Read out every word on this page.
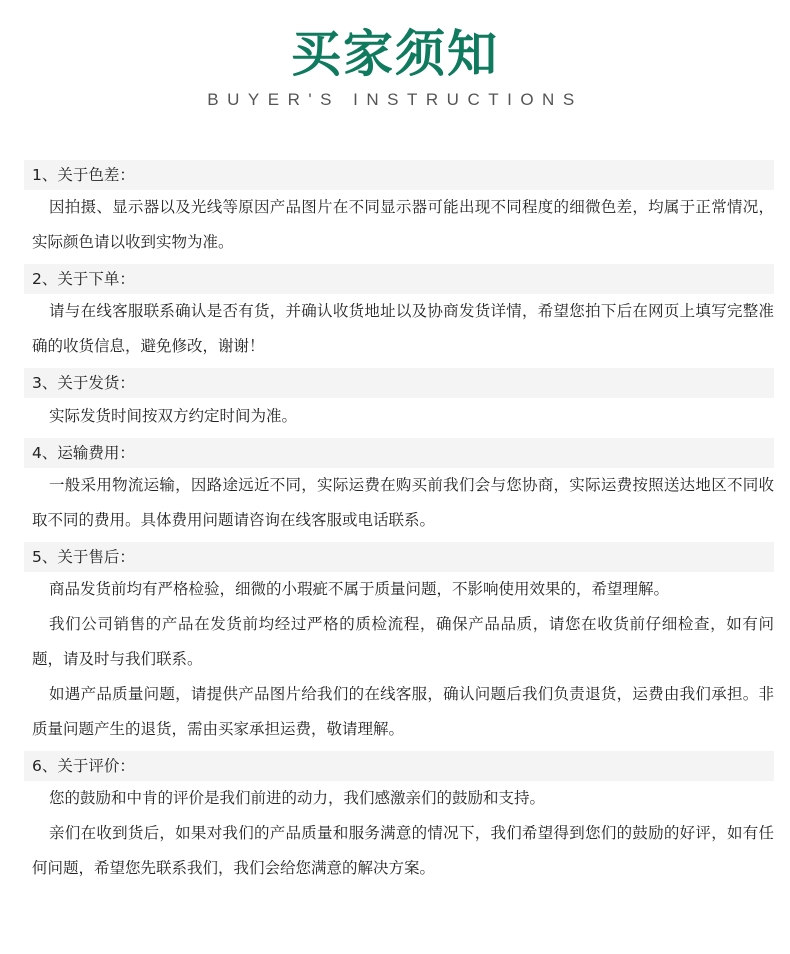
买家须知
BUYER'S INSTRUCTIONS
1、关于色差：

因拍摄、显示器以及光线等原因产品图片在不同显示器可能出现不同程度的细微色差，均属于正常情况，实际颜色请以收到实物为准。

2、关于下单：

请与在线客服联系确认是否有货，并确认收货地址以及协商发货详情，希望您拍下后在网页上填写完整准确的收货信息，避免修改，谢谢！

3、关于发货：

实际发货时间按双方约定时间为准。

4、运输费用：

一般采用物流运输，因路途远近不同，实际运费在购买前我们会与您协商，实际运费按照送达地区不同收取不同的费用。具体费用问题请咨询在线客服或电话联系。

5、关于售后：

商品发货前均有严格检验，细微的小瑕疵不属于质量问题，不影响使用效果的，希望理解。

我们公司销售的产品在发货前均经过严格的质检流程，确保产品品质，请您在收货前仔细检查，如有问题，请及时与我们联系。

如遇产品质量问题，请提供产品图片给我们的在线客服，确认问题后我们负责退货，运费由我们承担。非质量问题产生的退货，需由买家承担运费，敬请理解。

6、关于评价：

您的鼓励和中肯的评价是我们前进的动力，我们感激亲们的鼓励和支持。

亲们在收到货后，如果对我们的产品质量和服务满意的情况下，我们希望得到您们的鼓励的好评，如有任何问题，希望您先联系我们，我们会给您满意的解决方案。
